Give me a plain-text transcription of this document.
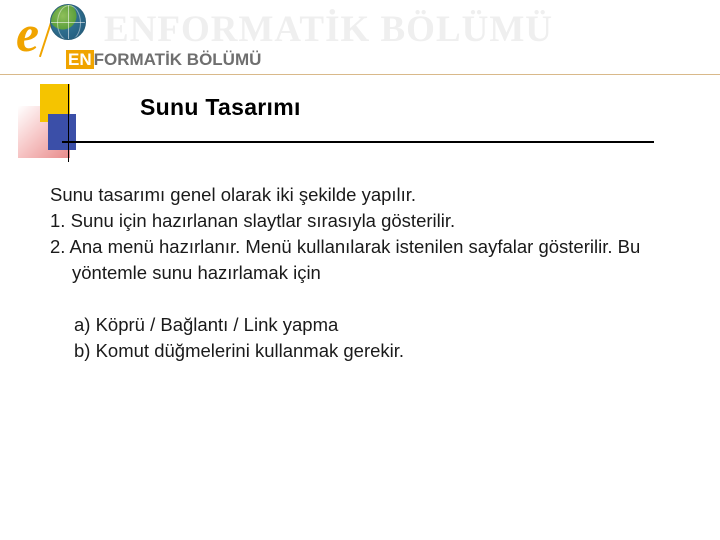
ENFORMATİK BÖLÜMÜ
e EN FORMATİK BÖLÜMÜ
Sunu Tasarımı
Sunu tasarımı genel olarak iki şekilde yapılır.
1. Sunu için hazırlanan slaytlar sırasıyla gösterilir.
2. Ana menü hazırlanır. Menü kullanılarak istenilen sayfalar gösterilir. Bu yöntemle sunu hazırlamak için
a) Köprü / Bağlantı / Link yapma
b) Komut düğmelerini kullanmak gerekir.
